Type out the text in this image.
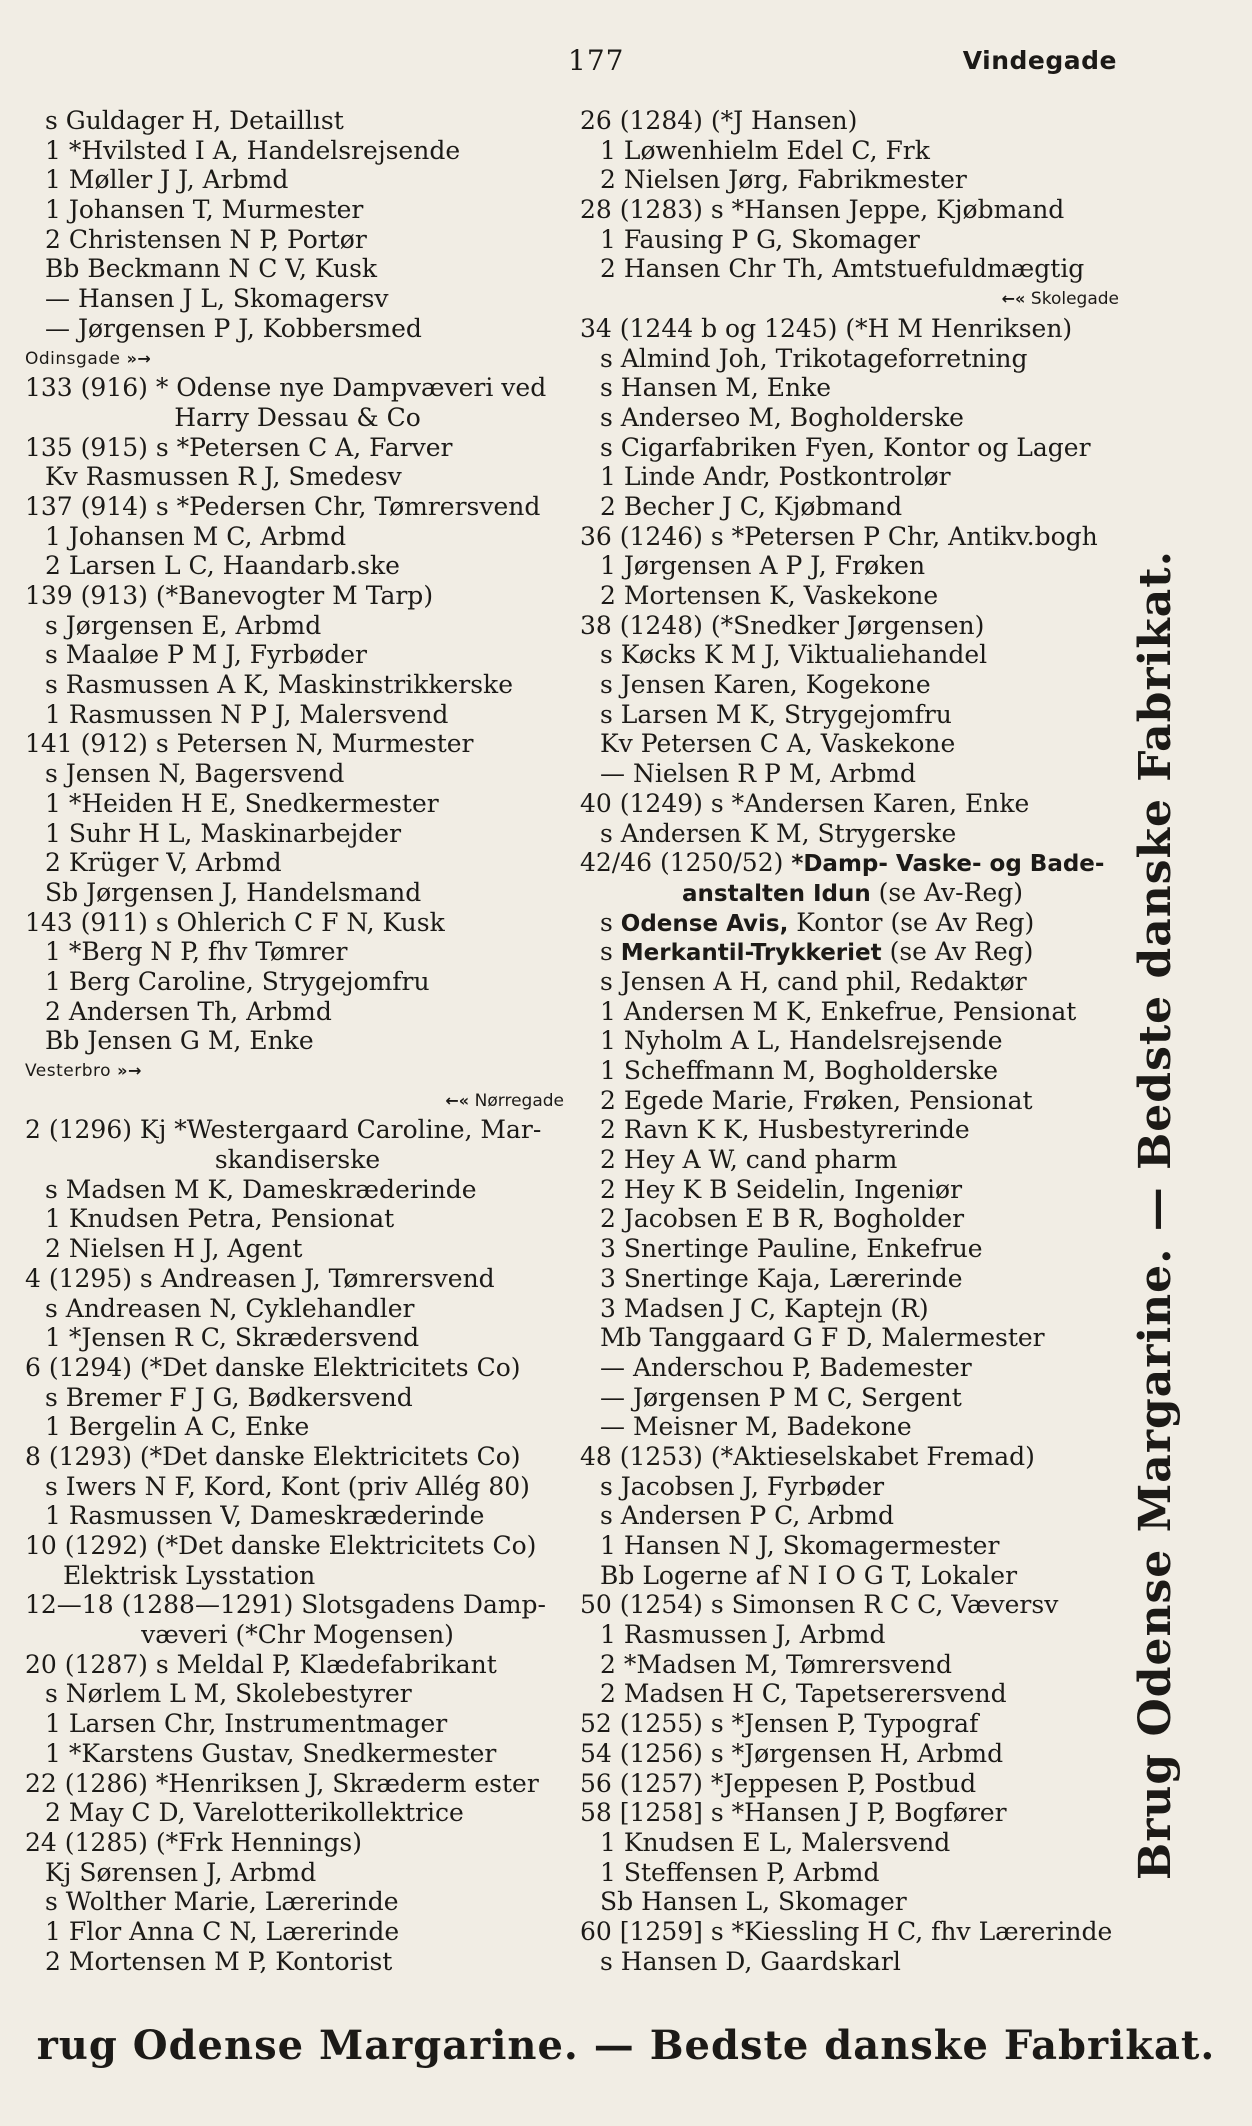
177	Vindegade
s Guldager H, Detaillıst
1 *Hvilsted I A, Handelsrejsende
1 Møller J J, Arbmd
1 Johansen T, Murmester
2 Christensen N P, Portør
Bb Beckmann N C V, Kusk
— Hansen J L, Skomagersv
— Jørgensen P J, Kobbersmed
Odinsgade »→
133 (916) * Odense nye Dampvæveri ved
Harry Dessau & Co
135 (915) s *Petersen C A, Farver
Kv Rasmussen R J, Smedesv
137 (914) s *Pedersen Chr, Tømrersvend
1 Johansen M C, Arbmd
2 Larsen L C, Haandarb.ske
139 (913) (*Banevogter M Tarp)
s Jørgensen E, Arbmd
s Maaløe P M J, Fyrbøder
s Rasmussen A K, Maskinstrikkerske
1 Rasmussen N P J, Malersvend
141 (912) s Petersen N, Murmester
s Jensen N, Bagersvend
1 *Heiden H E, Snedkermester
1 Suhr H L, Maskinarbejder
2 Krüger V, Arbmd
Sb Jørgensen J, Handelsmand
143 (911) s Ohlerich C F N, Kusk
1 *Berg N P, fhv Tømrer
1 Berg Caroline, Strygejomfru
2 Andersen Th, Arbmd
Bb Jensen G M, Enke
Vesterbro »→
←« Nørregade
2 (1296) Kj *Westergaard Caroline, Mar-
skandiserske
s Madsen M K, Dameskræderinde
1 Knudsen Petra, Pensionat
2 Nielsen H J, Agent
4 (1295) s Andreasen J, Tømrersvend
s Andreasen N, Cyklehandler
1 *Jensen R C, Skrædersvend
6 (1294) (*Det danske Elektricitets Co)
s Bremer F J G, Bødkersvend
1 Bergelin A C, Enke
8 (1293) (*Det danske Elektricitets Co)
s Iwers N F, Kord, Kont (priv Allég 80)
1 Rasmussen V, Dameskræderinde
10 (1292) (*Det danske Elektricitets Co)
Elektrisk Lysstation
12—18 (1288—1291) Slotsgadens Damp-
væveri (*Chr Mogensen)
20 (1287) s Meldal P, Klædefabrikant
s Nørlem L M, Skolebestyrer
1 Larsen Chr, Instrumentmager
1 *Karstens Gustav, Snedkermester
22 (1286) *Henriksen J, Skræderm ester
2 May C D, Varelotterikollektrice
24 (1285) (*Frk Hennings)
Kj Sørensen J, Arbmd
s Wolther Marie, Lærerinde
1 Flor Anna C N, Lærerinde
2 Mortensen M P, Kontorist
26 (1284) (*J Hansen)
1 Løwenhielm Edel C, Frk
2 Nielsen Jørg, Fabrikmester
28 (1283) s *Hansen Jeppe, Kjøbmand
1 Fausing P G, Skomager
2 Hansen Chr Th, Amtstuefuldmægtig
←« Skolegade
34 (1244 b og 1245) (*H M Henriksen)
s Almind Joh, Trikotageforretning
s Hansen M, Enke
s Anderseo M, Bogholderske
s Cigarfabriken Fyen, Kontor og Lager
1 Linde Andr, Postkontrolør
2 Becher J C, Kjøbmand
36 (1246) s *Petersen P Chr, Antikv.bogh
1 Jørgensen A P J, Frøken
2 Mortensen K, Vaskekone
38 (1248) (*Snedker Jørgensen)
s Køcks K M J, Viktualiehandel
s Jensen Karen, Kogekone
s Larsen M K, Strygejomfru
Kv Petersen C A, Vaskekone
— Nielsen R P M, Arbmd
40 (1249) s *Andersen Karen, Enke
s Andersen K M, Strygerske
42/46 (1250/52) *Damp- Vaske- og Bade-
anstalten Idun (se Av-Reg)
s Odense Avis, Kontor (se Av Reg)
s Merkantil-Trykkeriet (se Av Reg)
s Jensen A H, cand phil, Redaktør
1 Andersen M K, Enkefrue, Pensionat
1 Nyholm A L, Handelsrejsende
1 Scheffmann M, Bogholderske
2 Egede Marie, Frøken, Pensionat
2 Ravn K K, Husbestyrerinde
2 Hey A W, cand pharm
2 Hey K B Seidelin, Ingeniør
2 Jacobsen E B R, Bogholder
3 Snertinge Pauline, Enkefrue
3 Snertinge Kaja, Lærerinde
3 Madsen J C, Kaptejn (R)
Mb Tanggaard G F D, Malermester
— Anderschou P, Bademester
— Jørgensen P M C, Sergent
— Meisner M, Badekone
48 (1253) (*Aktieselskabet Fremad)
s Jacobsen J, Fyrbøder
s Andersen P C, Arbmd
1 Hansen N J, Skomagermester
Bb Logerne af N I O G T, Lokaler
50 (1254) s Simonsen R C C, Væversv
1 Rasmussen J, Arbmd
2 *Madsen M, Tømrersvend
2 Madsen H C, Tapetserersvend
52 (1255) s *Jensen P, Typograf
54 (1256) s *Jørgensen H, Arbmd
56 (1257) *Jeppesen P, Postbud
58 [1258] s *Hansen J P, Bogfører
1 Knudsen E L, Malersvend
1 Steffensen P, Arbmd
Sb Hansen L, Skomager
60 [1259] s *Kiessling H C, fhv Lærerinde
s Hansen D, Gaardskarl
Brug Odense Margarine. — Bedste danske Fabrikat.
rug Odense Margarine. — Bedste danske Fabrikat.
